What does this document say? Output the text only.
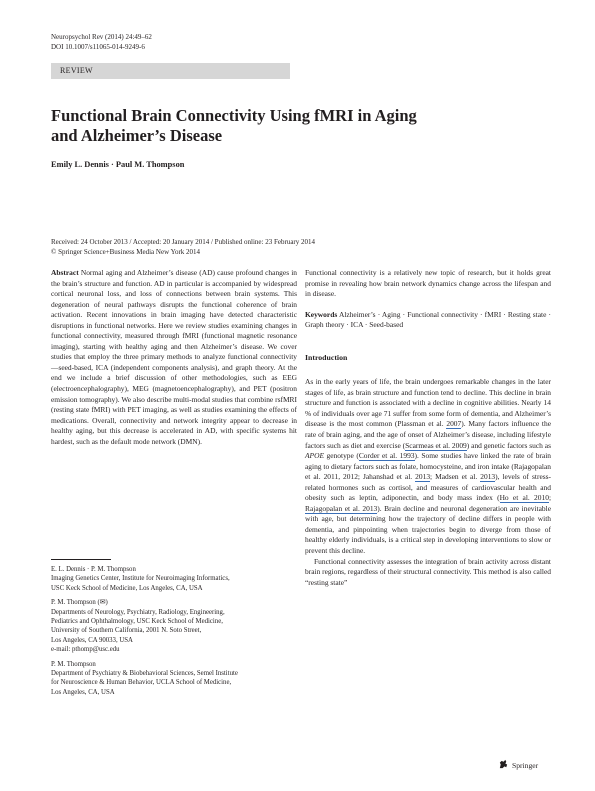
Neuropsychol Rev (2014) 24:49–62
DOI 10.1007/s11065-014-9249-6
REVIEW
Functional Brain Connectivity Using fMRI in Aging
and Alzheimer’s Disease
Emily L. Dennis · Paul M. Thompson
Received: 24 October 2013 / Accepted: 20 January 2014 / Published online: 23 February 2014
© Springer Science+Business Media New York 2014

Abstract Normal aging and Alzheimer’s disease (AD) cause profound changes in the brain’s structure and function. AD in particular is accompanied by widespread cortical neuronal loss, and loss of connections between brain systems. This degeneration of neural pathways disrupts the functional coherence of brain activation. Recent innovations in brain imaging have detected characteristic disruptions in functional networks. Here we review studies examining changes in functional connectivity, measured through fMRI (functional magnetic resonance imaging), starting with healthy aging and then Alzheimer’s disease. We cover studies that employ the three primary methods to analyze functional connectivity—seed-based, ICA (independent components analysis), and graph theory. At the end we include a brief discussion of other methodologies, such as EEG (electroencephalography), MEG (magnetoencephalography), and PET (positron emission tomography). We also describe multi-modal studies that combine rsfMRI (resting state fMRI) with PET imaging, as well as studies examining the effects of medications. Overall, connectivity and network integrity appear to decrease in healthy aging, but this decrease is accelerated in AD, with specific systems hit hardest, such as the default mode network (DMN).

E. L. Dennis · P. M. Thompson
Imaging Genetics Center, Institute for Neuroimaging Informatics,
USC Keck School of Medicine, Los Angeles, CA, USA

P. M. Thompson (✉)
Departments of Neurology, Psychiatry, Radiology, Engineering,
Pediatrics and Ophthalmology, USC Keck School of Medicine,
University of Southern California, 2001 N. Soto Street,
Los Angeles, CA 90033, USA
e-mail: pthomp@usc.edu

P. M. Thompson
Department of Psychiatry & Biobehavioral Sciences, Semel Institute
for Neuroscience & Human Behavior, UCLA School of Medicine,
Los Angeles, CA, USA

Functional connectivity is a relatively new topic of research, but it holds great promise in revealing how brain network dynamics change across the lifespan and in disease.

Keywords Alzheimer’s · Aging · Functional connectivity · fMRI · Resting state · Graph theory · ICA · Seed-based

Introduction

As in the early years of life, the brain undergoes remarkable changes in the later stages of life, as brain structure and function tend to decline. This decline in brain structure and function is associated with a decline in cognitive abilities. Nearly 14 % of individuals over age 71 suffer from some form of dementia, and Alzheimer’s disease is the most common (Plassman et al. 2007). Many factors influence the rate of brain aging, and the age of onset of Alzheimer’s disease, including lifestyle factors such as diet and exercise (Scarmeas et al. 2009) and genetic factors such as APOE genotype (Corder et al. 1993). Some studies have linked the rate of brain aging to dietary factors such as folate, homocysteine, and iron intake (Rajagopalan et al. 2011, 2012; Jahanshad et al. 2013; Madsen et al. 2013), levels of stress-related hormones such as cortisol, and measures of cardiovascular health and obesity such as leptin, adiponectin, and body mass index (Ho et al. 2010; Rajagopalan et al. 2013). Brain decline and neuronal degeneration are inevitable with age, but determining how the trajectory of decline differs in people with dementia, and pinpointing when trajectories begin to diverge from those of healthy elderly individuals, is a critical step in developing interventions to slow or prevent this decline.

Functional connectivity assesses the integration of brain activity across distant brain regions, regardless of their structural connectivity. This method is also called “resting state”

Springer
